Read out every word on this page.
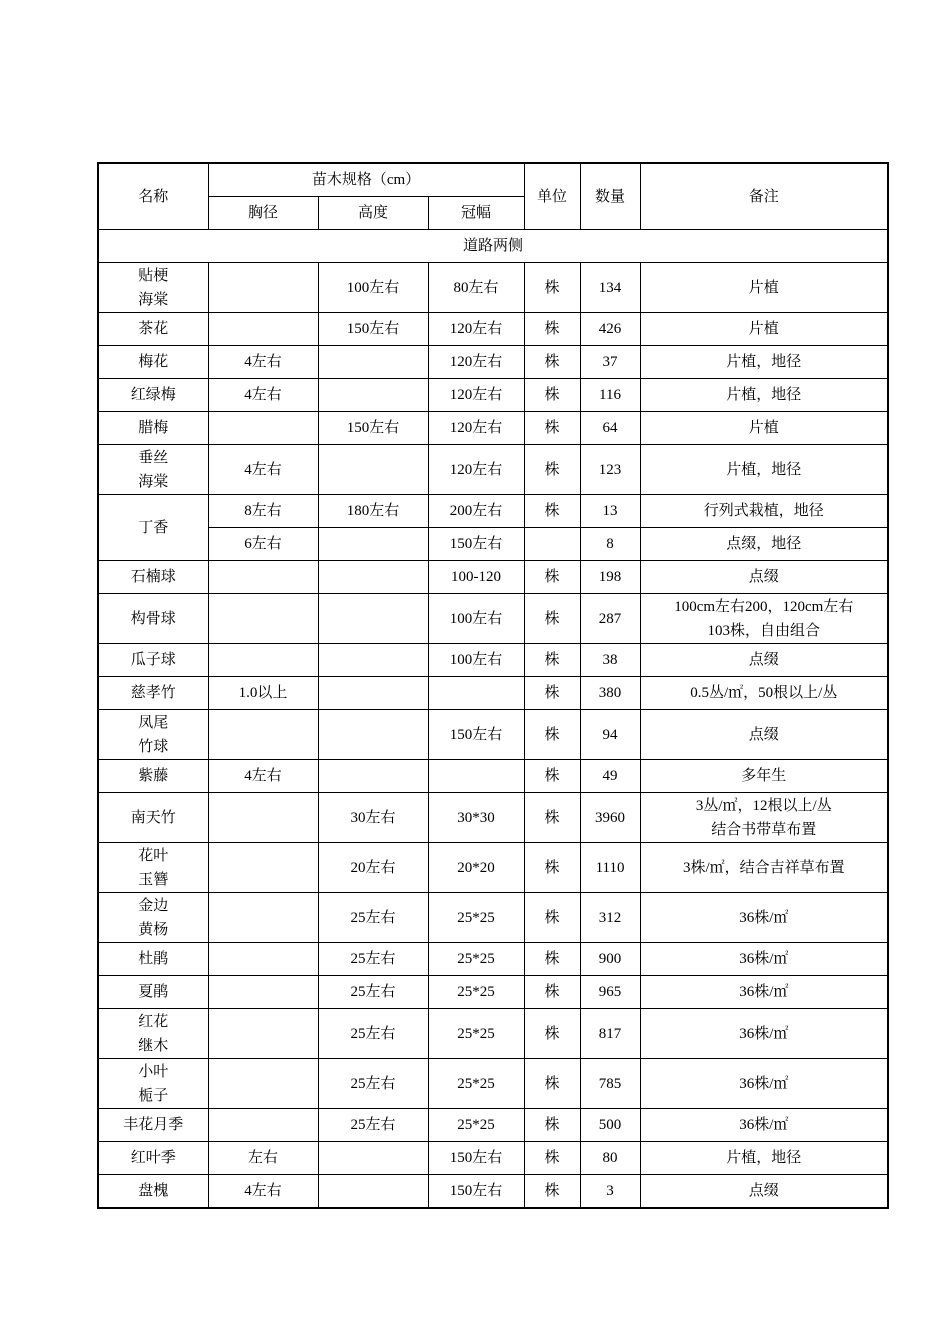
名称	苗木规格（cm）			单位	数量	备注
	胸径	高度	冠幅			
道路两侧						

贴梗
海棠		100左右	80左右	株	134	片植

茶花		150左右	120左右	株	426	片植

梅花	4左右		120左右	株	37	片植，地径

红绿梅	4左右		120左右	株	116	片植，地径

腊梅		150左右	120左右	株	64	片植

垂丝
海棠	4左右		120左右	株	123	片植，地径

丁香	8左右	180左右	200左右	株	13	行列式栽植，地径
	6左右		150左右		8	点缀，地径

石楠球			100-120	株	198	点缀

构骨球			100左右	株	287	100cm左右200，120cm左右
103株，自由组合

瓜子球			100左右	株	38	点缀

慈孝竹	1.0以上			株	380	0.5丛/㎡，50根以上/丛

凤尾
竹球			150左右	株	94	点缀

紫藤	4左右			株	49	多年生

南天竹		30左右	30*30	株	3960	3丛/㎡，12根以上/丛
结合书带草布置

花叶
玉簪		20左右	20*20	株	1110	3株/㎡，结合吉祥草布置

金边
黄杨		25左右	25*25	株	312	36株/㎡

杜鹃		25左右	25*25	株	900	36株/㎡

夏鹃		25左右	25*25	株	965	36株/㎡

红花
继木		25左右	25*25	株	817	36株/㎡

小叶
栀子		25左右	25*25	株	785	36株/㎡

丰花月季		25左右	25*25	株	500	36株/㎡

红叶季	左右		150左右	株	80	片植，地径

盘槐	4左右		150左右	株	3	点缀
